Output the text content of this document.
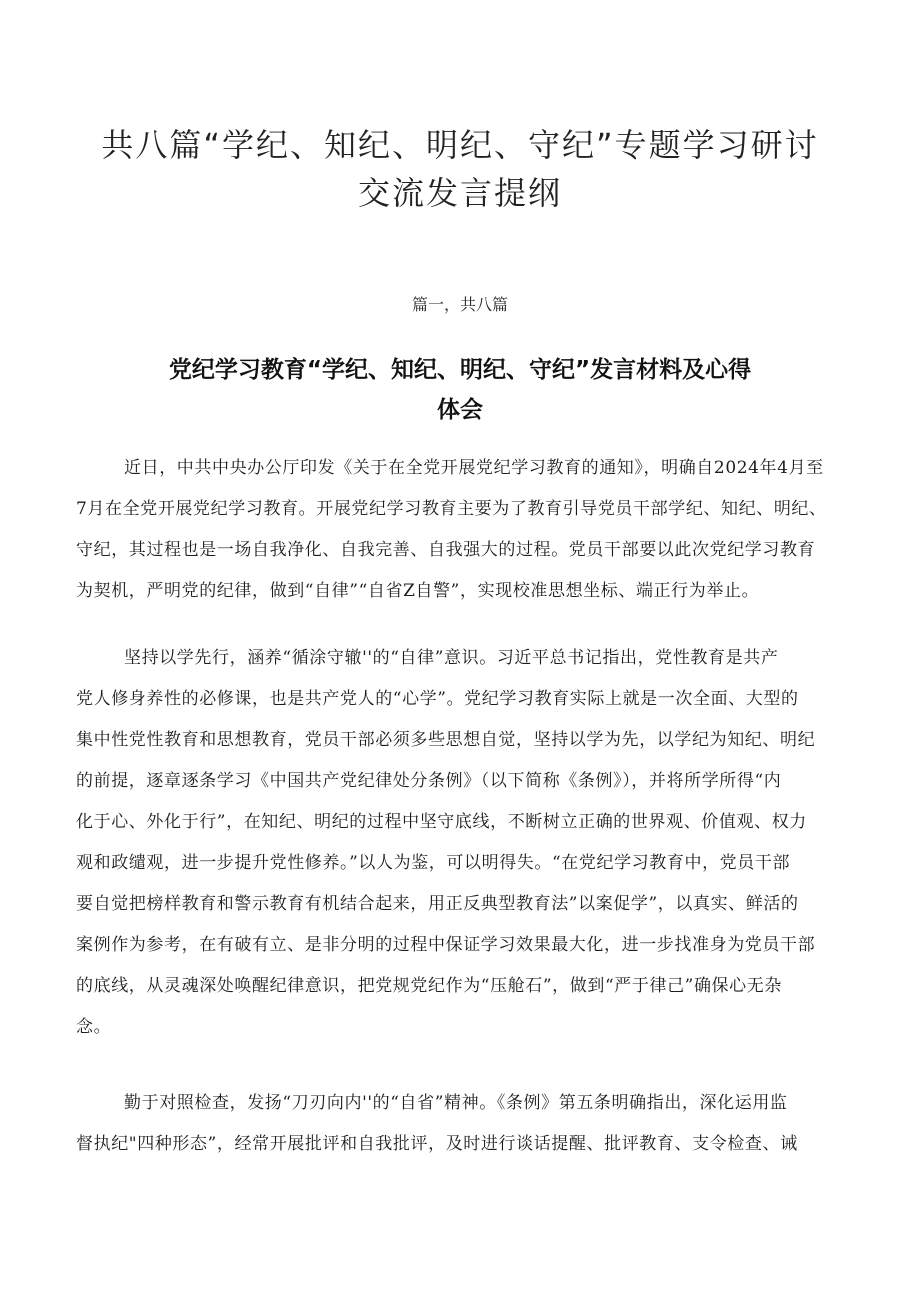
共八篇“学纪、知纪、明纪、守纪”专题学习研讨
交流发言提纲

篇一，共八篇

党纪学习教育“学纪、知纪、明纪、守纪”发言材料及心得
体会
近日，中共中央办公厅印发《关于在全党开展党纪学习教育的通知》，明确自2024年4月至
7月在全党开展党纪学习教育。开展党纪学习教育主要为了教育引导党员干部学纪、知纪、明纪、
守纪，其过程也是一场自我净化、自我完善、自我强大的过程。党员干部要以此次党纪学习教育
为契机，严明党的纪律，做到“自律”“自省Z自警”，实现校准思想坐标、端正行为举止。
坚持以学先行，涵养“循涂守辙''的“自律”意识。习近平总书记指出，党性教育是共产
党人修身养性的必修课，也是共产党人的“心学”。党纪学习教育实际上就是一次全面、大型的
集中性党性教育和思想教育，党员干部必须多些思想自觉，坚持以学为先，以学纪为知纪、明纪
的前提，逐章逐条学习《中国共产党纪律处分条例》（以下简称《条例》），并将所学所得“内
化于心、外化于行”，在知纪、明纪的过程中坚守底线，不断树立正确的世界观、价值观、权力
观和政缱观，进一步提升党性修养。”以人为鉴，可以明得失。“在党纪学习教育中，党员干部
要自觉把榜样教育和警示教育有机结合起来，用正反典型教育法”以案促学”，以真实、鲜活的
案例作为参考，在有破有立、是非分明的过程中保证学习效果最大化，进一步找准身为党员干部
的底线，从灵魂深处唤醒纪律意识，把党规党纪作为“压舱石”，做到“严于律己”确保心无杂
念。
勤于对照检查，发扬“刀刃向内''的“自省”精神。《条例》第五条明确指出，深化运用监
督执纪"四种形态”，经常开展批评和自我批评，及时进行谈话提醒、批评教育、支令检查、诫
